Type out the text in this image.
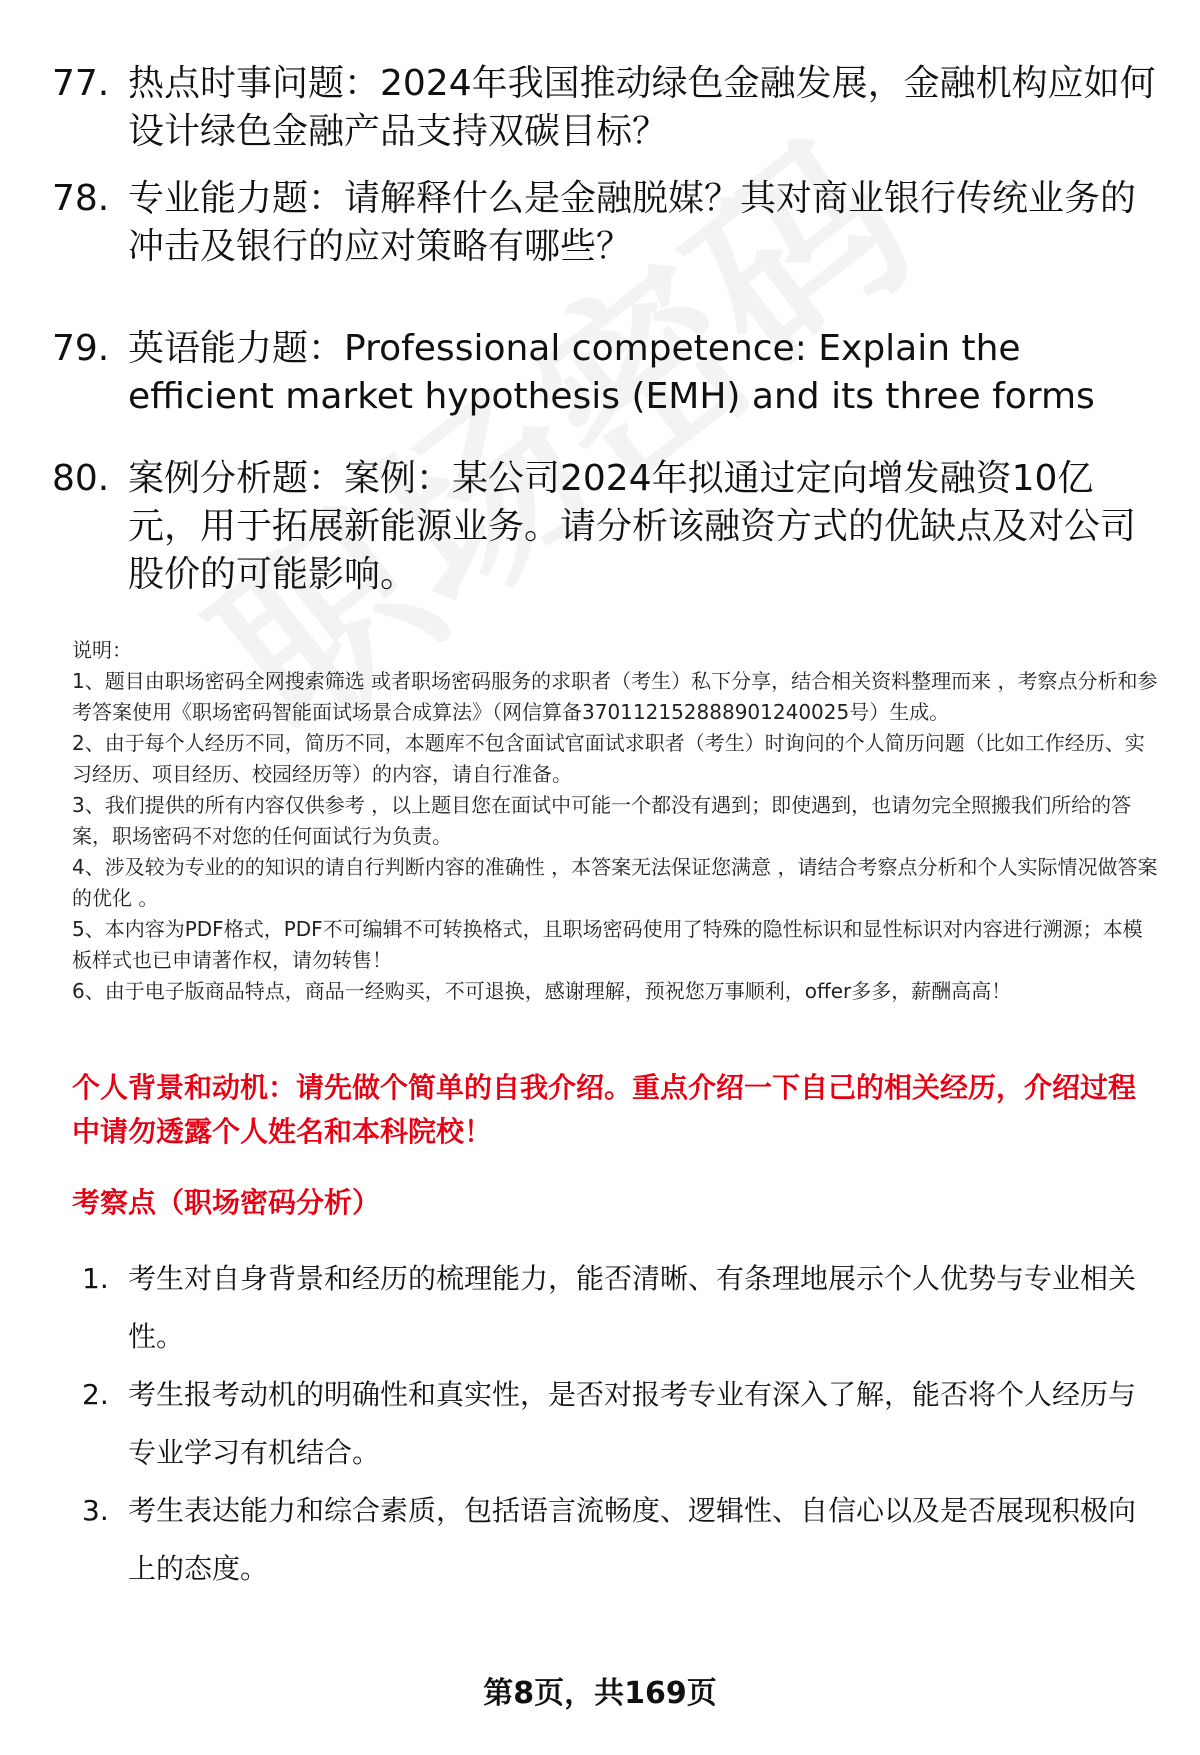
77. 热点时事问题：2024年我国推动绿色金融发展，金融机构应如何设计绿色金融产品支持双碳目标？
78. 专业能力题：请解释什么是金融脱媒？其对商业银行传统业务的冲击及银行的应对策略有哪些？
79. 英语能力题：Professional competence: Explain the efficient market hypothesis (EMH) and its three forms
80. 案例分析题：案例：某公司2024年拟通过定向增发融资10亿元，用于拓展新能源业务。请分析该融资方式的优缺点及对公司股价的可能影响。

说明：

1、题目由职场密码全网搜索筛选 或者职场密码服务的求职者（考生）私下分享，结合相关资料整理而来 ，考察点分析和参考答案使用《职场密码智能面试场景合成算法》（网信算备370112152888901240025号）生成。

2、由于每个人经历不同，简历不同，本题库不包含面试官面试求职者（考生）时询问的个人简历问题（比如工作经历、实习经历、项目经历、校园经历等）的内容，请自行准备。

3、我们提供的所有内容仅供参考 ，以上题目您在面试中可能一个都没有遇到；即使遇到，也请勿完全照搬我们所给的答案，职场密码不对您的任何面试行为负责。

4、涉及较为专业的的知识的请自行判断内容的准确性 ，本答案无法保证您满意 ，请结合考察点分析和个人实际情况做答案的优化 。

5、本内容为PDF格式，PDF不可编辑不可转换格式，且职场密码使用了特殊的隐性标识和显性标识对内容进行溯源；本模板样式也已申请著作权，请勿转售！

6、由于电子版商品特点，商品一经购买，不可退换，感谢理解，预祝您万事顺利，offer多多，薪酬高高！

个人背景和动机：请先做个简单的自我介绍。重点介绍一下自己的相关经历，介绍过程中请勿透露个人姓名和本科院校！
考察点（职场密码分析）
1. 考生对自身背景和经历的梳理能力，能否清晰、有条理地展示个人优势与专业相关性。
2. 考生报考动机的明确性和真实性，是否对报考专业有深入了解，能否将个人经历与专业学习有机结合。
3. 考生表达能力和综合素质，包括语言流畅度、逻辑性、自信心以及是否展现积极向上的态度。
第8页，共169页
